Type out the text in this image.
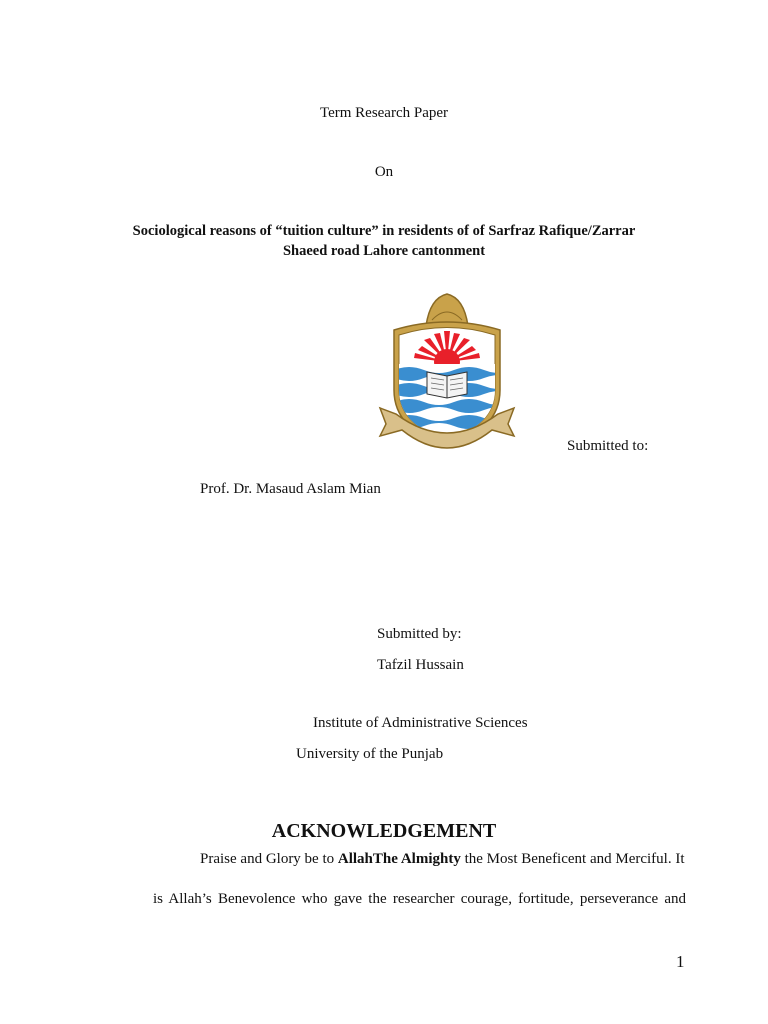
Term Research Paper
On
Sociological reasons of “tuition culture” in residents of of Sarfraz Rafique/Zarrar
Shaeed road Lahore cantonment
Submitted to:
Prof. Dr. Masaud Aslam Mian
Submitted by:
Tafzil Hussain
Institute of Administrative Sciences
University of the Punjab
ACKNOWLEDGEMENT
Praise and Glory be to AllahThe Almighty the Most Beneficent and Merciful. It
is Allah’s Benevolence who gave the researcher courage, fortitude, perseverance and
1
